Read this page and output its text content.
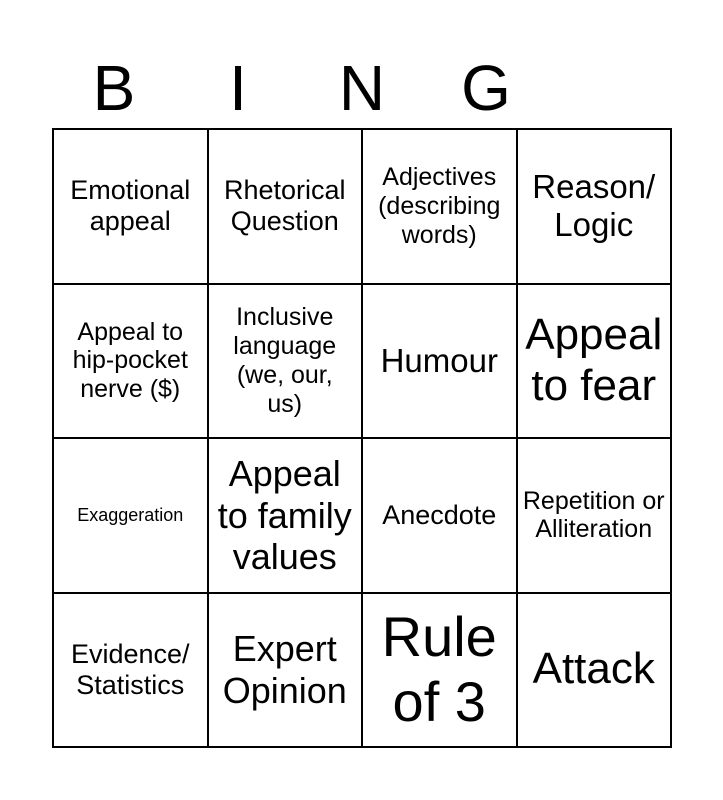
B	I	N	G
Emotional appeal
Rhetorical Question
Adjectives (describing words)
Reason/ Logic
Appeal to hip-pocket nerve ($)
Inclusive language (we, our, us)
Humour
Appeal to fear
Exaggeration
Appeal to family values
Anecdote Repetition or Alliteration
Evidence/ Statistics
Expert Opinion
Rule of 3
Attack
